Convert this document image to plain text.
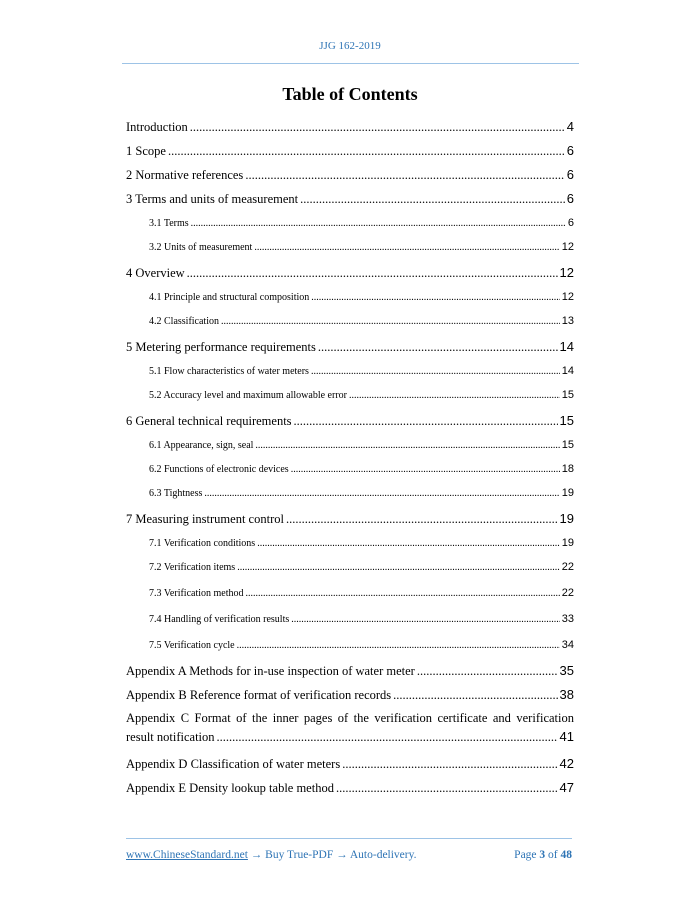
JJG 162-2019
Table of Contents
Introduction .....	4
1 Scope .....	6
2 Normative references .....	6
3 Terms and units of measurement .....	6
3.1 Terms .....	6
3.2 Units of measurement .....	12
4 Overview .....	12
4.1 Principle and structural composition .....	12
4.2 Classification .....	13
5 Metering performance requirements .....	14
5.1 Flow characteristics of water meters .....	14
5.2 Accuracy level and maximum allowable error .....	15
6 General technical requirements .....	15
6.1 Appearance, sign, seal .....	15
6.2 Functions of electronic devices .....	18
6.3 Tightness .....	19
7 Measuring instrument control .....	19
7.1 Verification conditions .....	19
7.2 Verification items .....	22
7.3 Verification method .....	22
7.4 Handling of verification results .....	33
7.5 Verification cycle .....	34
Appendix A Methods for in-use inspection of water meter .....	35
Appendix B Reference format of verification records .....	38
Appendix C Format of the inner pages of the verification certificate and verification
result notification .....	41
Appendix D Classification of water meters .....	42
Appendix E Density lookup table method .....	47
www.ChineseStandard.net → Buy True-PDF → Auto-delivery.	Page 3 of 48
